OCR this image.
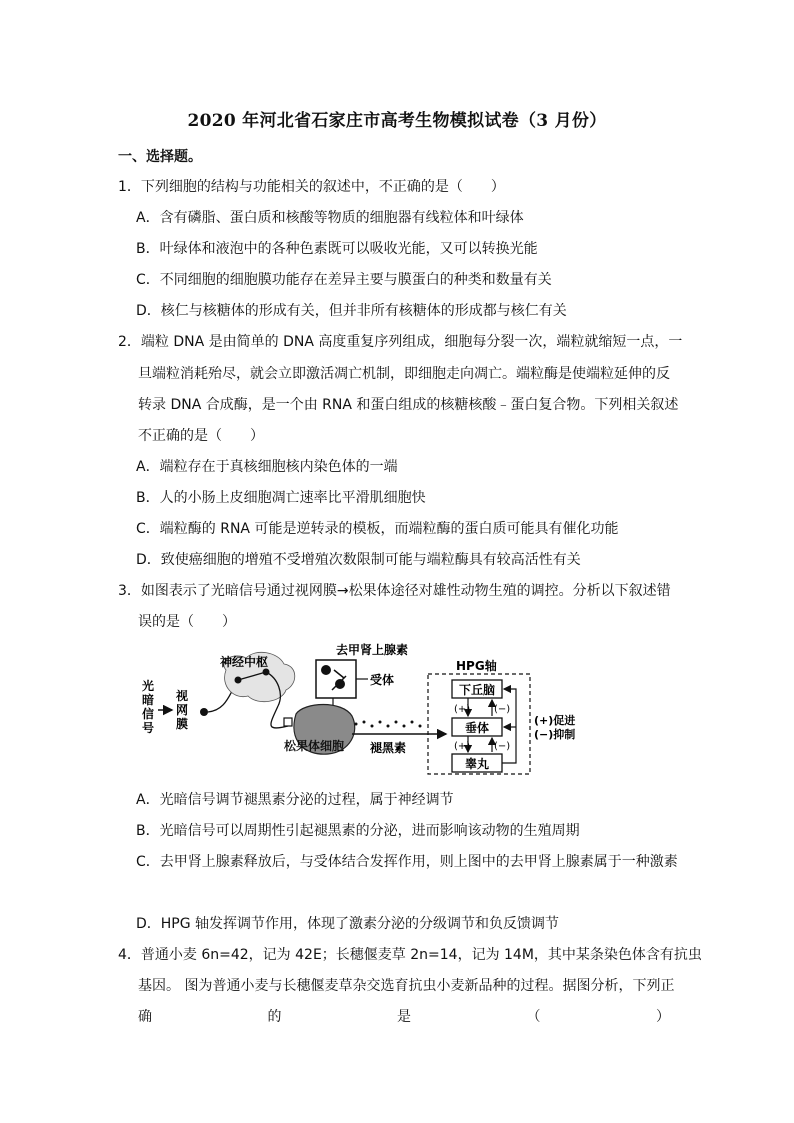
2020 年河北省石家庄市高考生物模拟试卷（3 月份）
一、选择题。
1．下列细胞的结构与功能相关的叙述中，不正确的是（　　）
A．含有磷脂、蛋白质和核酸等物质的细胞器有线粒体和叶绿体
B．叶绿体和液泡中的各种色素既可以吸收光能，又可以转换光能
C．不同细胞的细胞膜功能存在差异主要与膜蛋白的种类和数量有关
D．核仁与核糖体的形成有关，但并非所有核糖体的形成都与核仁有关
2．端粒 DNA 是由简单的 DNA 高度重复序列组成，细胞每分裂一次，端粒就缩短一点，一
旦端粒消耗殆尽，就会立即激活凋亡机制，即细胞走向凋亡。端粒酶是使端粒延伸的反
转录 DNA 合成酶，是一个由 RNA 和蛋白组成的核糖核酸﹣蛋白复合物。下列相关叙述
不正确的是（　　）
A．端粒存在于真核细胞核内染色体的一端
B．人的小肠上皮细胞凋亡速率比平滑肌细胞快
C．端粒酶的 RNA 可能是逆转录的模板，而端粒酶的蛋白质可能具有催化功能
D．致使癌细胞的增殖不受增殖次数限制可能与端粒酶具有较高活性有关
3．如图表示了光暗信号通过视网膜→松果体途径对雄性动物生殖的调控。分析以下叙述错
误的是（　　）
光
暗
信
号
视
网
膜
神经中枢
去甲肾上腺素
受体
松果体细胞 褪黑素
HPG轴
下丘脑
垂体
睾丸
(+)
(+)
(−)
(−)
(+)促进
(−)抑制
A．光暗信号调节褪黑素分泌的过程，属于神经调节
B．光暗信号可以周期性引起褪黑素的分泌，进而影响该动物的生殖周期
C．去甲肾上腺素释放后，与受体结合发挥作用，则上图中的去甲肾上腺素属于一种激素
D．HPG 轴发挥调节作用，体现了激素分泌的分级调节和负反馈调节
4．普通小麦 6n=42，记为 42E；长穗偃麦草 2n=14，记为 14M，其中某条染色体含有抗虫
基因。 图为普通小麦与长穗偃麦草杂交选育抗虫小麦新品种的过程。据图分析，下列正
确	的	是	（	）
